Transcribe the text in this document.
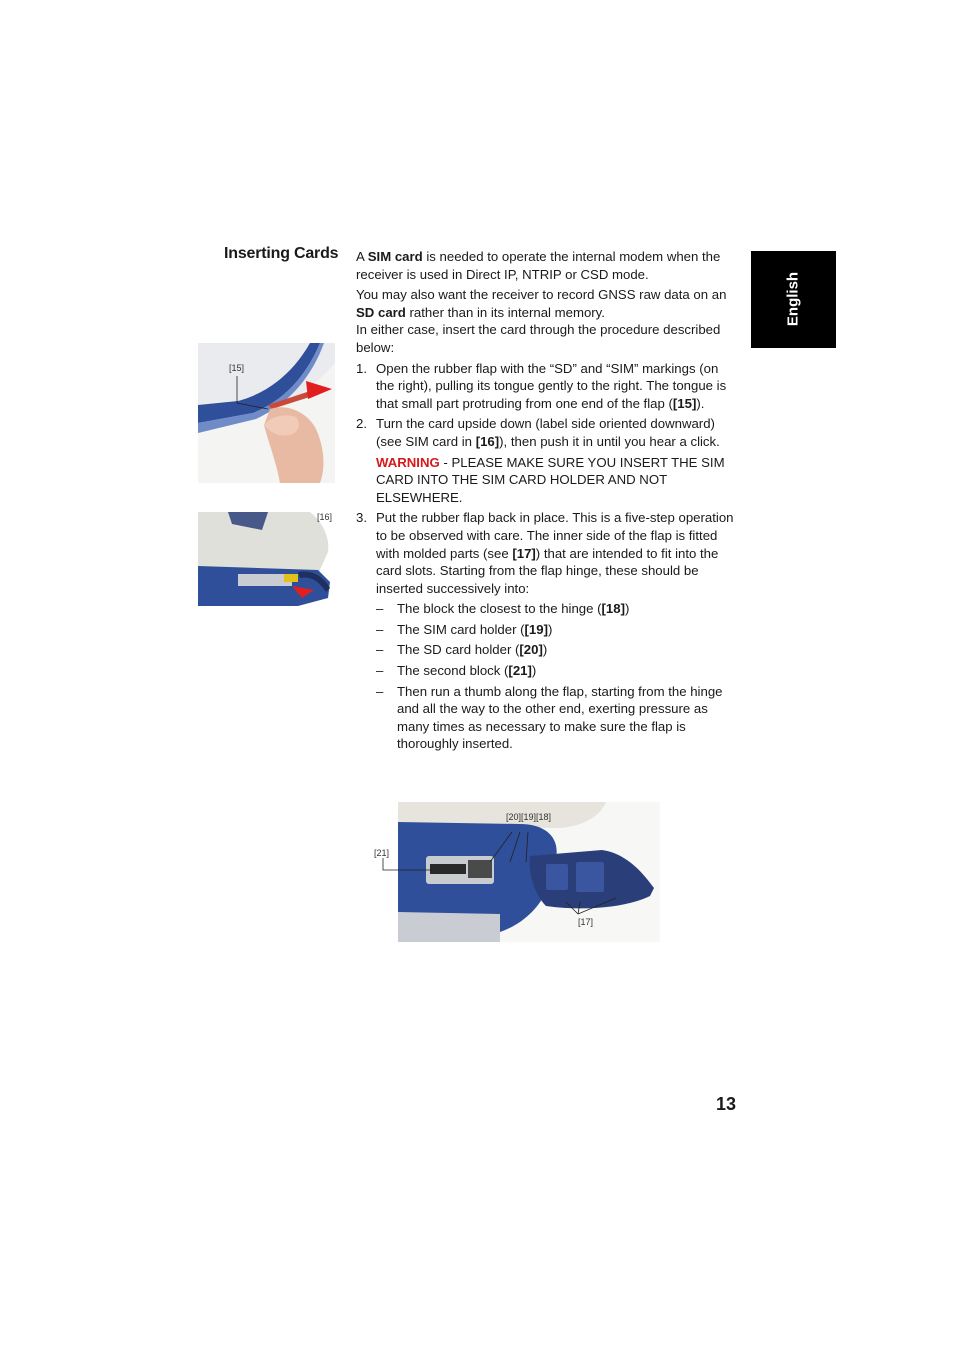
Inserting Cards
English

A SIM card is needed to operate the internal modem when the receiver is used in Direct IP, NTRIP or CSD mode.

You may also want the receiver to record GNSS raw data on an SD card rather than in its internal memory.

In either case, insert the card through the procedure described below:

1. Open the rubber flap with the “SD” and “SIM” markings (on the right), pulling its tongue gently to the right. The tongue is that small part protruding from one end of the flap ([15]).
2. Turn the card upside down (label side oriented downward) (see SIM card in [16]), then push it in until you hear a click.
WARNING - PLEASE MAKE SURE YOU INSERT THE SIM CARD INTO THE SIM CARD HOLDER AND NOT ELSEWHERE.
3. Put the rubber flap back in place. This is a five-step operation to be observed with care. The inner side of the flap is fitted with molded parts (see [17]) that are intended to fit into the card slots. Starting from the flap hinge, these should be inserted successively into:
– The block the closest to the hinge ([18])
– The SIM card holder ([19])
– The SD card holder ([20])
– The second block ([21])
– Then run a thumb along the flap, starting from the hinge and all the way to the other end, exerting pressure as many times as necessary to make sure the flap is thoroughly inserted.
[15]
[16]
[20][19][18]
[21]
[17]
13
